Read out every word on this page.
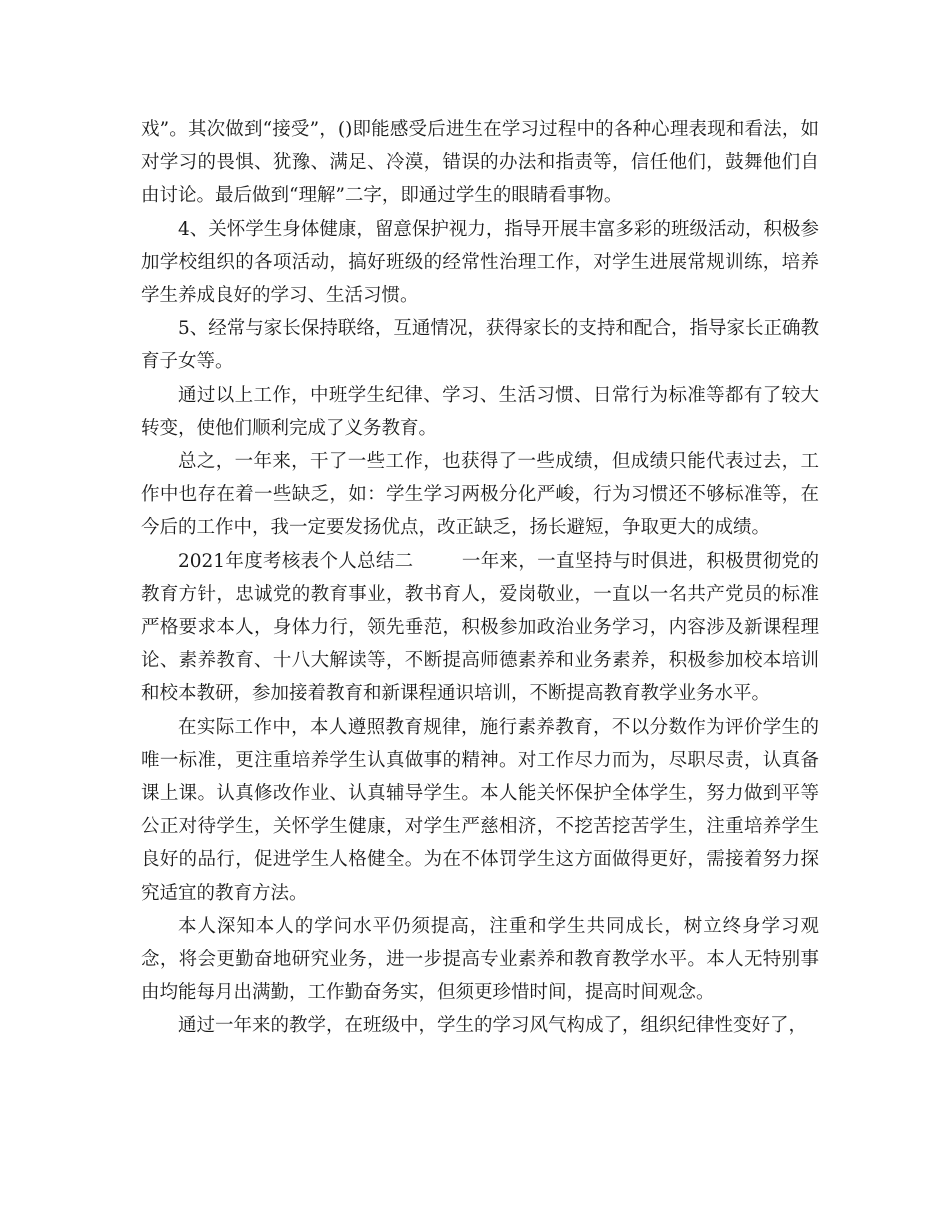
戏”。其次做到“接受”，()即能感受后进生在学习过程中的各种心理表现和看法，如对学习的畏惧、犹豫、满足、冷漠，错误的办法和指责等，信任他们，鼓舞他们自由讨论。最后做到“理解”二字，即通过学生的眼睛看事物。

4、关怀学生身体健康，留意保护视力，指导开展丰富多彩的班级活动，积极参加学校组织的各项活动，搞好班级的经常性治理工作，对学生进展常规训练，培养学生养成良好的学习、生活习惯。

5、经常与家长保持联络，互通情况，获得家长的支持和配合，指导家长正确教育子女等。

通过以上工作，中班学生纪律、学习、生活习惯、日常行为标准等都有了较大转变，使他们顺利完成了义务教育。

总之，一年来，干了一些工作，也获得了一些成绩，但成绩只能代表过去，工作中也存在着一些缺乏，如：学生学习两极分化严峻，行为习惯还不够标准等，在今后的工作中，我一定要发扬优点，改正缺乏，扬长避短，争取更大的成绩。

2021年度考核表个人总结二	一年来，一直坚持与时俱进，积极贯彻党的教育方针，忠诚党的教育事业，教书育人，爱岗敬业，一直以一名共产党员的标准严格要求本人，身体力行，领先垂范，积极参加政治业务学习，内容涉及新课程理论、素养教育、十八大解读等，不断提高师德素养和业务素养，积极参加校本培训和校本教研，参加接着教育和新课程通识培训，不断提高教育教学业务水平。

在实际工作中，本人遵照教育规律，施行素养教育，不以分数作为评价学生的唯一标准，更注重培养学生认真做事的精神。对工作尽力而为，尽职尽责，认真备课上课。认真修改作业、认真辅导学生。本人能关怀保护全体学生，努力做到平等公正对待学生，关怀学生健康，对学生严慈相济，不挖苦挖苦学生，注重培养学生良好的品行，促进学生人格健全。为在不体罚学生这方面做得更好，需接着努力探究适宜的教育方法。

本人深知本人的学问水平仍须提高，注重和学生共同成长，树立终身学习观念，将会更勤奋地研究业务，进一步提高专业素养和教育教学水平。本人无特别事由均能每月出满勤，工作勤奋务实，但须更珍惜时间，提高时间观念。

通过一年来的教学，在班级中，学生的学习风气构成了，组织纪律性变好了，
